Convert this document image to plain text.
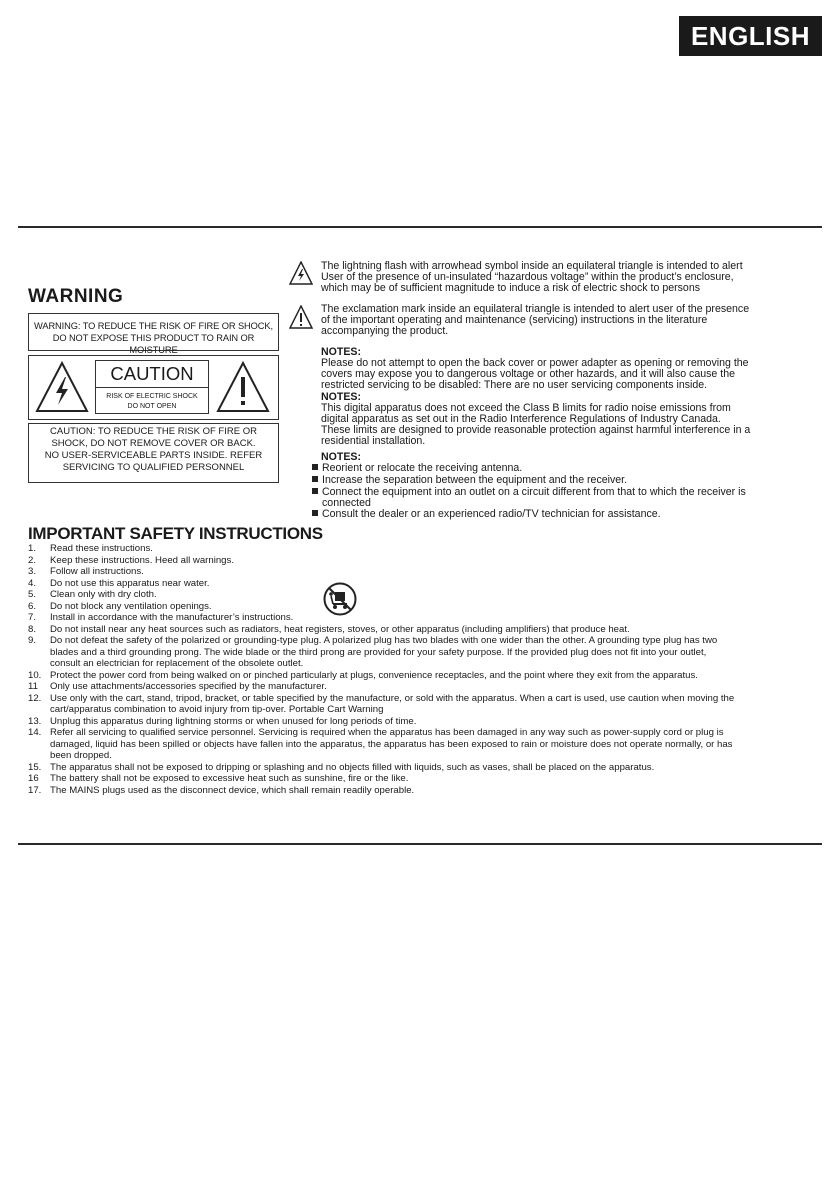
ENGLISH
WARNING
WARNING: TO REDUCE THE RISK OF FIRE OR SHOCK,
DO NOT EXPOSE THIS PRODUCT TO RAIN OR MOISTURE
CAUTION
RISK OF ELECTRIC SHOCK
DO NOT OPEN
CAUTION: TO REDUCE THE RISK OF FIRE OR
SHOCK, DO NOT REMOVE COVER OR BACK.
NO USER-SERVICEABLE PARTS INSIDE. REFER
SERVICING TO QUALIFIED PERSONNEL
The lightning flash with arrowhead symbol inside an equilateral triangle is intended to alert
User of the presence of un-insulated “hazardous voltage” within the product’s enclosure,
which may be of sufficient magnitude to induce a risk of electric shock to persons
The exclamation mark inside an equilateral triangle is intended to alert user of the presence
of the important operating and maintenance (servicing) instructions in the literature
accompanying the product.
NOTES:
Please do not attempt to open the back cover or power adapter as opening or removing the
covers may expose you to dangerous voltage or other hazards, and it will also cause the
restricted servicing to be disabled: There are no user servicing components inside.
NOTES:
This digital apparatus does not exceed the Class B limits for radio noise emissions from
digital apparatus as set out in the Radio Interference Regulations of Industry Canada.
These limits are designed to provide reasonable protection against harmful interference in a
residential installation.
NOTES:
Reorient or relocate the receiving antenna.
Increase the separation between the equipment and the receiver.
Connect the equipment into an outlet on a circuit different from that to which the receiver is
connected
Consult the dealer or an experienced radio/TV technician for assistance.
IMPORTANT SAFETY INSTRUCTIONS
1.	Read these instructions.
2.	Keep these instructions. Heed all warnings.
3.	Follow all instructions.
4.	Do not use this apparatus near water.
5.	Clean only with dry cloth.
6.	Do not block any ventilation openings.
7.	Install in accordance with the manufacturer’s instructions.
8.	Do not install near any heat sources such as radiators, heat registers, stoves, or other apparatus (including amplifiers) that produce heat.
9.	Do not defeat the safety of the polarized or grounding-type plug. A polarized plug has two blades with one wider than the other. A grounding type plug has two
blades and a third grounding prong. The wide blade or the third prong are provided for your safety purpose. If the provided plug does not fit into your outlet,
consult an electrician for replacement of the obsolete outlet.
10. Protect the power cord from being walked on or pinched particularly at plugs, convenience receptacles, and the point where they exit from the apparatus.
11	Only use attachments/accessories specified by the manufacturer.
12. Use only with the cart, stand, tripod, bracket, or table specified by the manufacture, or sold with the apparatus. When a cart is used, use caution when moving the
cart/apparatus combination to avoid injury from tip-over. Portable Cart Warning
13. Unplug this apparatus during lightning storms or when unused for long periods of time.
14. Refer all servicing to qualified service personnel. Servicing is required when the apparatus has been damaged in any way such as power-supply cord or plug is
damaged, liquid has been spilled or objects have fallen into the apparatus, the apparatus has been exposed to rain or moisture does not operate normally, or has
been dropped.
15. The apparatus shall not be exposed to dripping or splashing and no objects filled with liquids, such as vases, shall be placed on the apparatus.
16	The battery shall not be exposed to excessive heat such as sunshine, fire or the like.
17. The MAINS plugs used as the disconnect device, which shall remain readily operable.
